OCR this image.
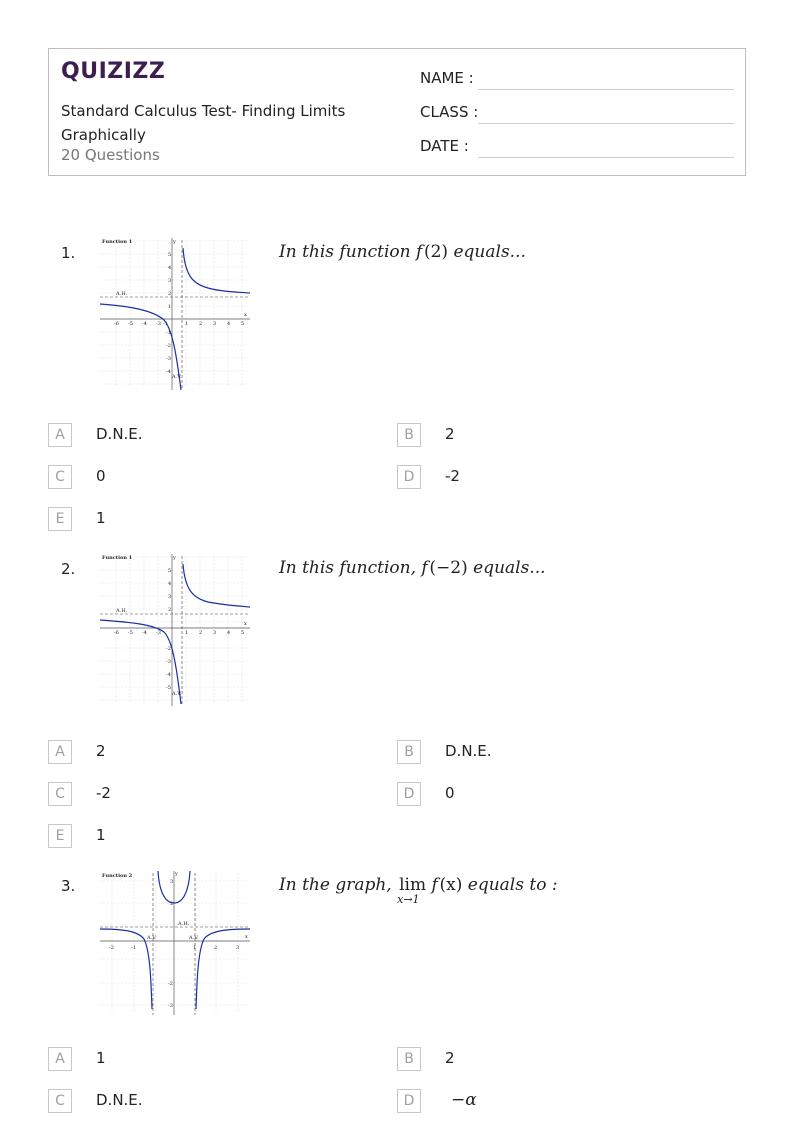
QUIZIZZ
Standard Calculus Test- Finding Limits Graphically
20 Questions
NAME :
CLASS :
DATE :
1.
Function 1
A.H.
A.V.
x
y
-6 -5 -4 -3 -1	1 2 3 4 5
5
4
3
2
1
-1
-2
-3
-4
In this function f  (2) equals...
A	D.N.E.	B	2
C	0	D	-2
E	1
2.
Function 1
A.H.
A.V.
x
y
-6 -5 -4 -3	1 2 3 4 5
5
4
3
2
-2
-3
-4
-5
In this function, f  (−2) equals...
A	2	B	D.N.E.
C	-2	D	0
E	1
3.
Function 2
A.H.
A.V.	A.V.	x
y
-2	-1	1	2	3
3
2
-2
-3
In the graph, lim
x→1
 f  (x) equals to :
A	1	B	2
C	D.N.E.	D	−α
